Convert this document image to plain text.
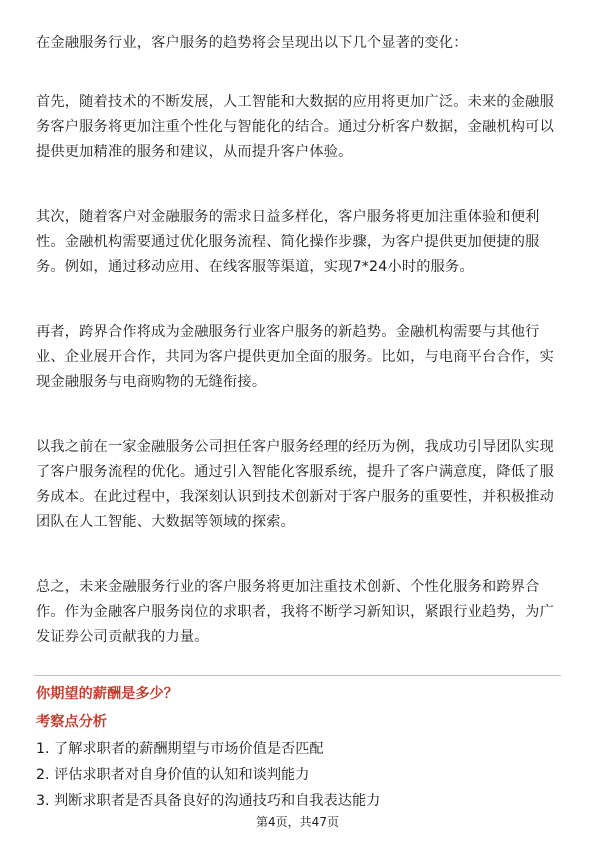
在金融服务行业，客户服务的趋势将会呈现出以下几个显著的变化：

首先，随着技术的不断发展，人工智能和大数据的应用将更加广泛。未来的金融服务客户服务将更加注重个性化与智能化的结合。通过分析客户数据，金融机构可以提供更加精准的服务和建议，从而提升客户体验。

其次，随着客户对金融服务的需求日益多样化，客户服务将更加注重体验和便利性。金融机构需要通过优化服务流程、简化操作步骤，为客户提供更加便捷的服务。例如，通过移动应用、在线客服等渠道，实现7*24小时的服务。

再者，跨界合作将成为金融服务行业客户服务的新趋势。金融机构需要与其他行业、企业展开合作，共同为客户提供更加全面的服务。比如，与电商平台合作，实现金融服务与电商购物的无缝衔接。

以我之前在一家金融服务公司担任客户服务经理的经历为例，我成功引导团队实现了客户服务流程的优化。通过引入智能化客服系统，提升了客户满意度，降低了服务成本。在此过程中，我深刻认识到技术创新对于客户服务的重要性，并积极推动团队在人工智能、大数据等领域的探索。

总之，未来金融服务行业的客户服务将更加注重技术创新、个性化服务和跨界合作。作为金融客户服务岗位的求职者，我将不断学习新知识，紧跟行业趋势，为广发证券公司贡献我的力量。

你期望的薪酬是多少？

考察点分析

1. 了解求职者的薪酬期望与市场价值是否匹配
2. 评估求职者对自身价值的认知和谈判能力
3. 判断求职者是否具备良好的沟通技巧和自我表达能力
第4页，共47页
